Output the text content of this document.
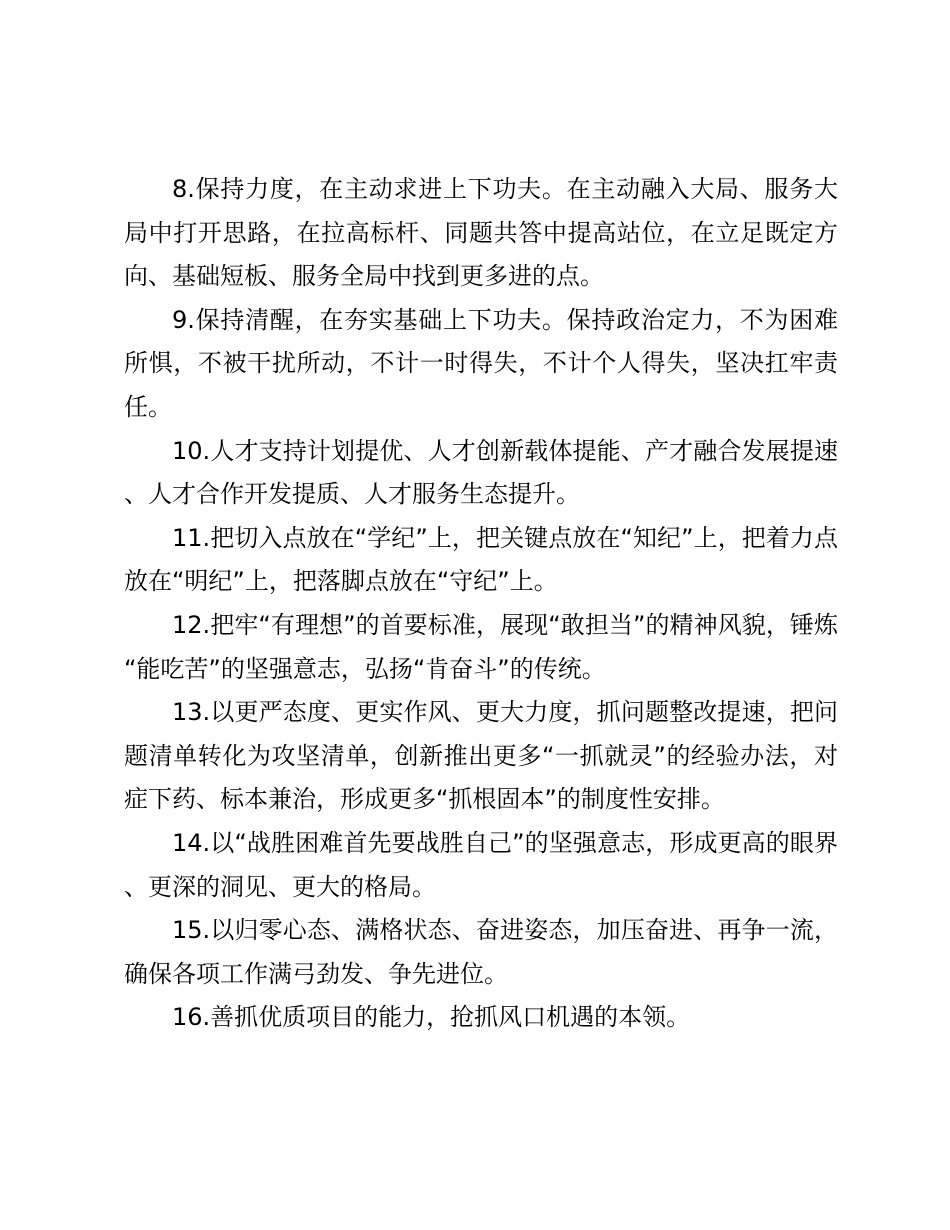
8.保持力度，在主动求进上下功夫。在主动融入大局、服务大局中打开思路，在拉高标杆、同题共答中提高站位，在立足既定方向、基础短板、服务全局中找到更多进的点。

9.保持清醒，在夯实基础上下功夫。保持政治定力，不为困难所惧，不被干扰所动，不计一时得失，不计个人得失，坚决扛牢责任。

10.人才支持计划提优、人才创新载体提能、产才融合发展提速、人才合作开发提质、人才服务生态提升。

11.把切入点放在“学纪”上，把关键点放在“知纪”上，把着力点放在“明纪”上，把落脚点放在“守纪”上。

12.把牢“有理想”的首要标准，展现“敢担当”的精神风貌，锤炼“能吃苦”的坚强意志，弘扬“肯奋斗”的传统。

13.以更严态度、更实作风、更大力度，抓问题整改提速，把问题清单转化为攻坚清单，创新推出更多“一抓就灵”的经验办法，对症下药、标本兼治，形成更多“抓根固本”的制度性安排。

14.以“战胜困难首先要战胜自己”的坚强意志，形成更高的眼界、更深的洞见、更大的格局。

15.以归零心态、满格状态、奋进姿态，加压奋进、再争一流，确保各项工作满弓劲发、争先进位。

16.善抓优质项目的能力，抢抓风口机遇的本领。
